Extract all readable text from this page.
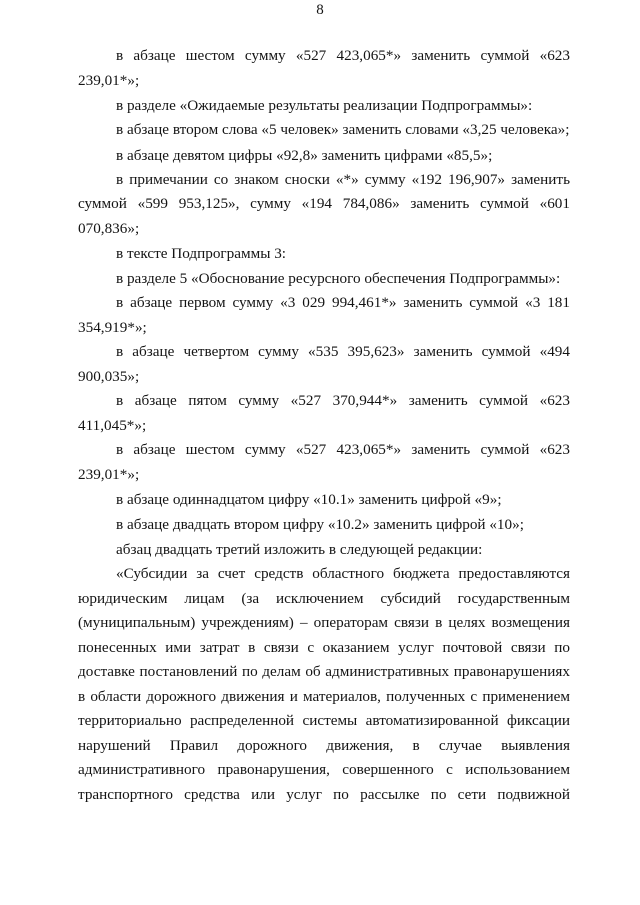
8

в абзаце шестом сумму «527 423,065*» заменить суммой «623 239,01*»;

в разделе «Ожидаемые результаты реализации Подпрограммы»:

в абзаце втором слова «5 человек» заменить словами «3,25 человека»;

в абзаце девятом цифры «92,8» заменить цифрами «85,5»;

в примечании со знаком сноски «*» сумму «192 196,907» заменить суммой «599 953,125», сумму «194 784,086» заменить суммой «601 070,836»;

в тексте Подпрограммы 3:

в разделе 5 «Обоснование ресурсного обеспечения Подпрограммы»:

в абзаце первом сумму «3 029 994,461*» заменить суммой «3 181 354,919*»;

в абзаце четвертом сумму «535 395,623» заменить суммой «494 900,035»;

в абзаце пятом сумму «527 370,944*» заменить суммой «623 411,045*»;

в абзаце шестом сумму «527 423,065*» заменить суммой «623 239,01*»;

в абзаце одиннадцатом цифру «10.1» заменить цифрой «9»;

в абзаце двадцать втором цифру «10.2» заменить цифрой «10»;

абзац двадцать третий изложить в следующей редакции:

«Субсидии за счет средств областного бюджета предоставляются юридическим лицам (за исключением субсидий государственным (муниципальным) учреждениям) – операторам связи в целях возмещения понесенных ими затрат в связи с оказанием услуг почтовой связи по доставке постановлений по делам об административных правонарушениях в области дорожного движения и материалов, полученных с применением территориально распределенной системы автоматизированной фиксации нарушений Правил дорожного движения, в случае выявления административного правонарушения, совершенного с использованием транспортного средства или услуг по рассылке по сети подвижной
